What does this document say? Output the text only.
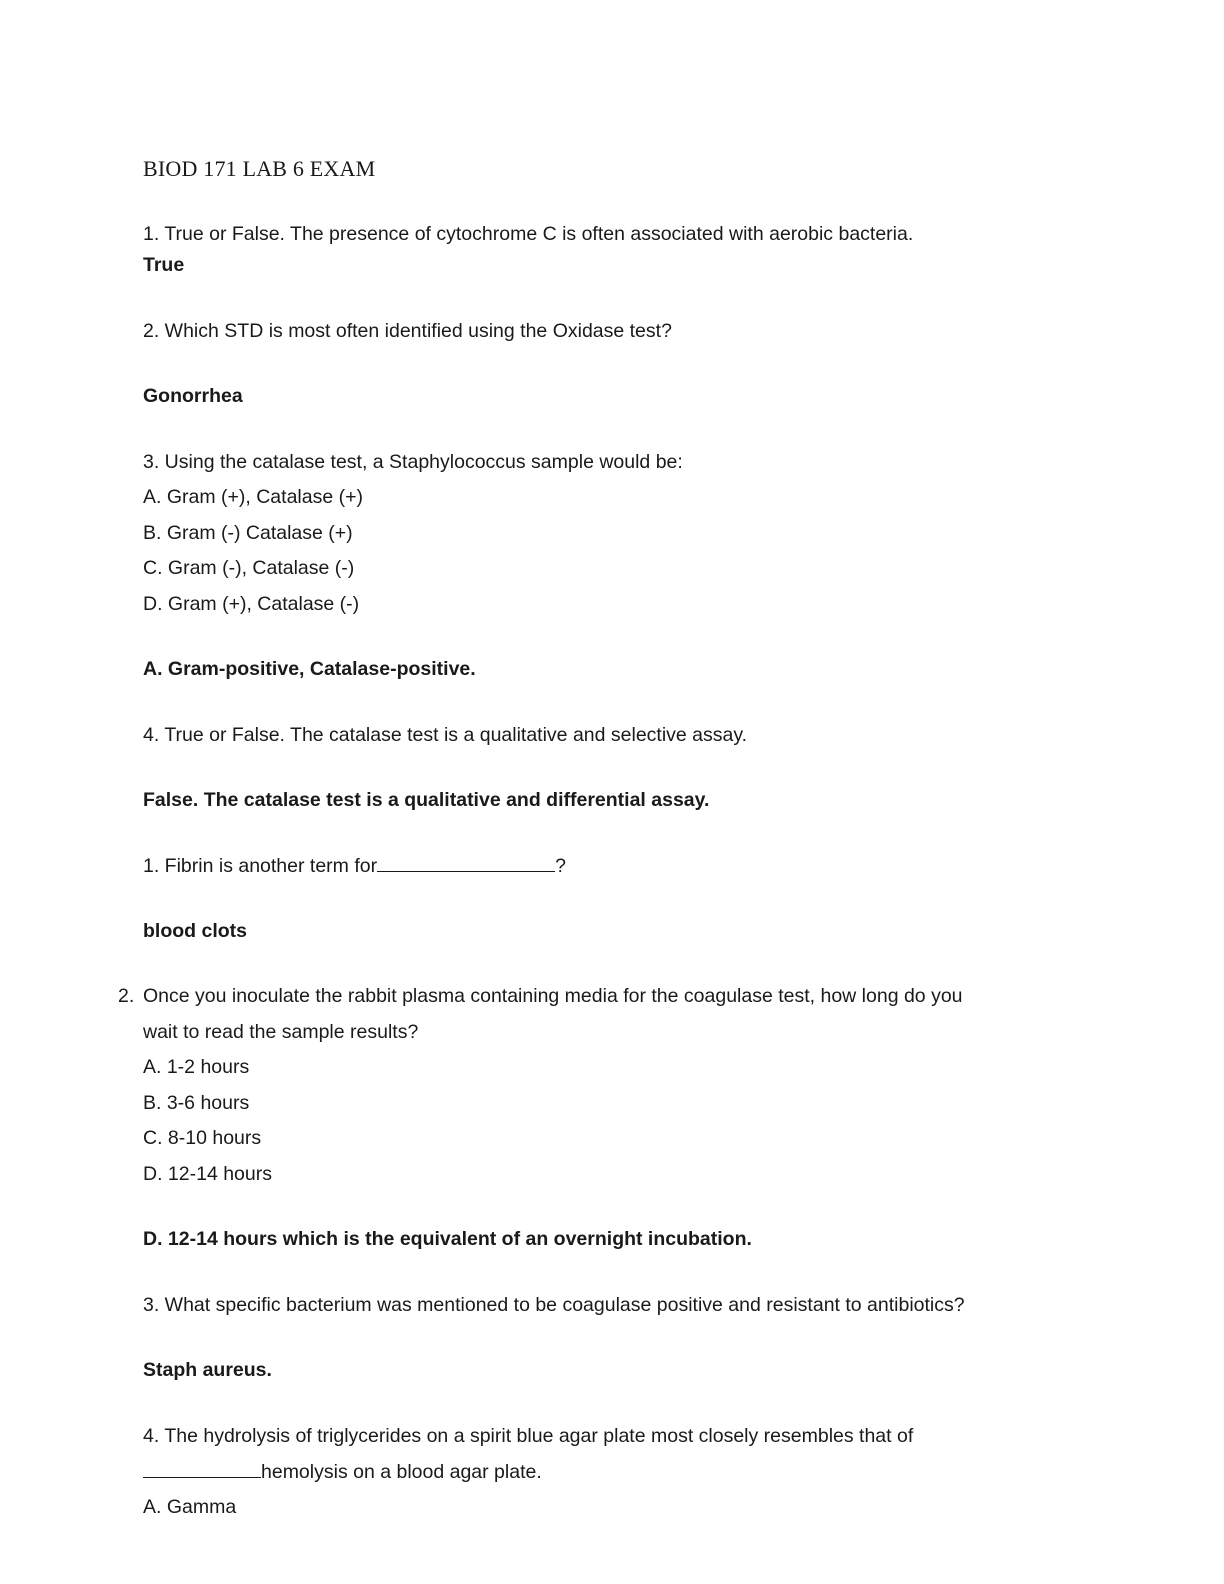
BIOD 171 LAB 6 EXAM
1. True or False. The presence of cytochrome C is often associated with aerobic bacteria.
True
2. Which STD is most often identified using the Oxidase test?
Gonorrhea
3. Using the catalase test, a Staphylococcus sample would be:
A. Gram (+), Catalase (+)
B. Gram (-) Catalase (+)
C. Gram (-), Catalase (-)
D. Gram (+), Catalase (-)
A. Gram-positive, Catalase-positive.
4. True or False. The catalase test is a qualitative and selective assay.
False. The catalase test is a qualitative and differential assay.
1. Fibrin is another term for	?
blood clots
2. Once you inoculate the rabbit plasma containing media for the coagulase test, how long do you
wait to read the sample results?
A. 1-2 hours
B. 3-6 hours
C. 8-10 hours
D. 12-14 hours
D. 12-14 hours which is the equivalent of an overnight incubation.
3. What specific bacterium was mentioned to be coagulase positive and resistant to antibiotics?
Staph aureus.
4. The hydrolysis of triglycerides on a spirit blue agar plate most closely resembles that of
hemolysis on a blood agar plate.
A. Gamma
